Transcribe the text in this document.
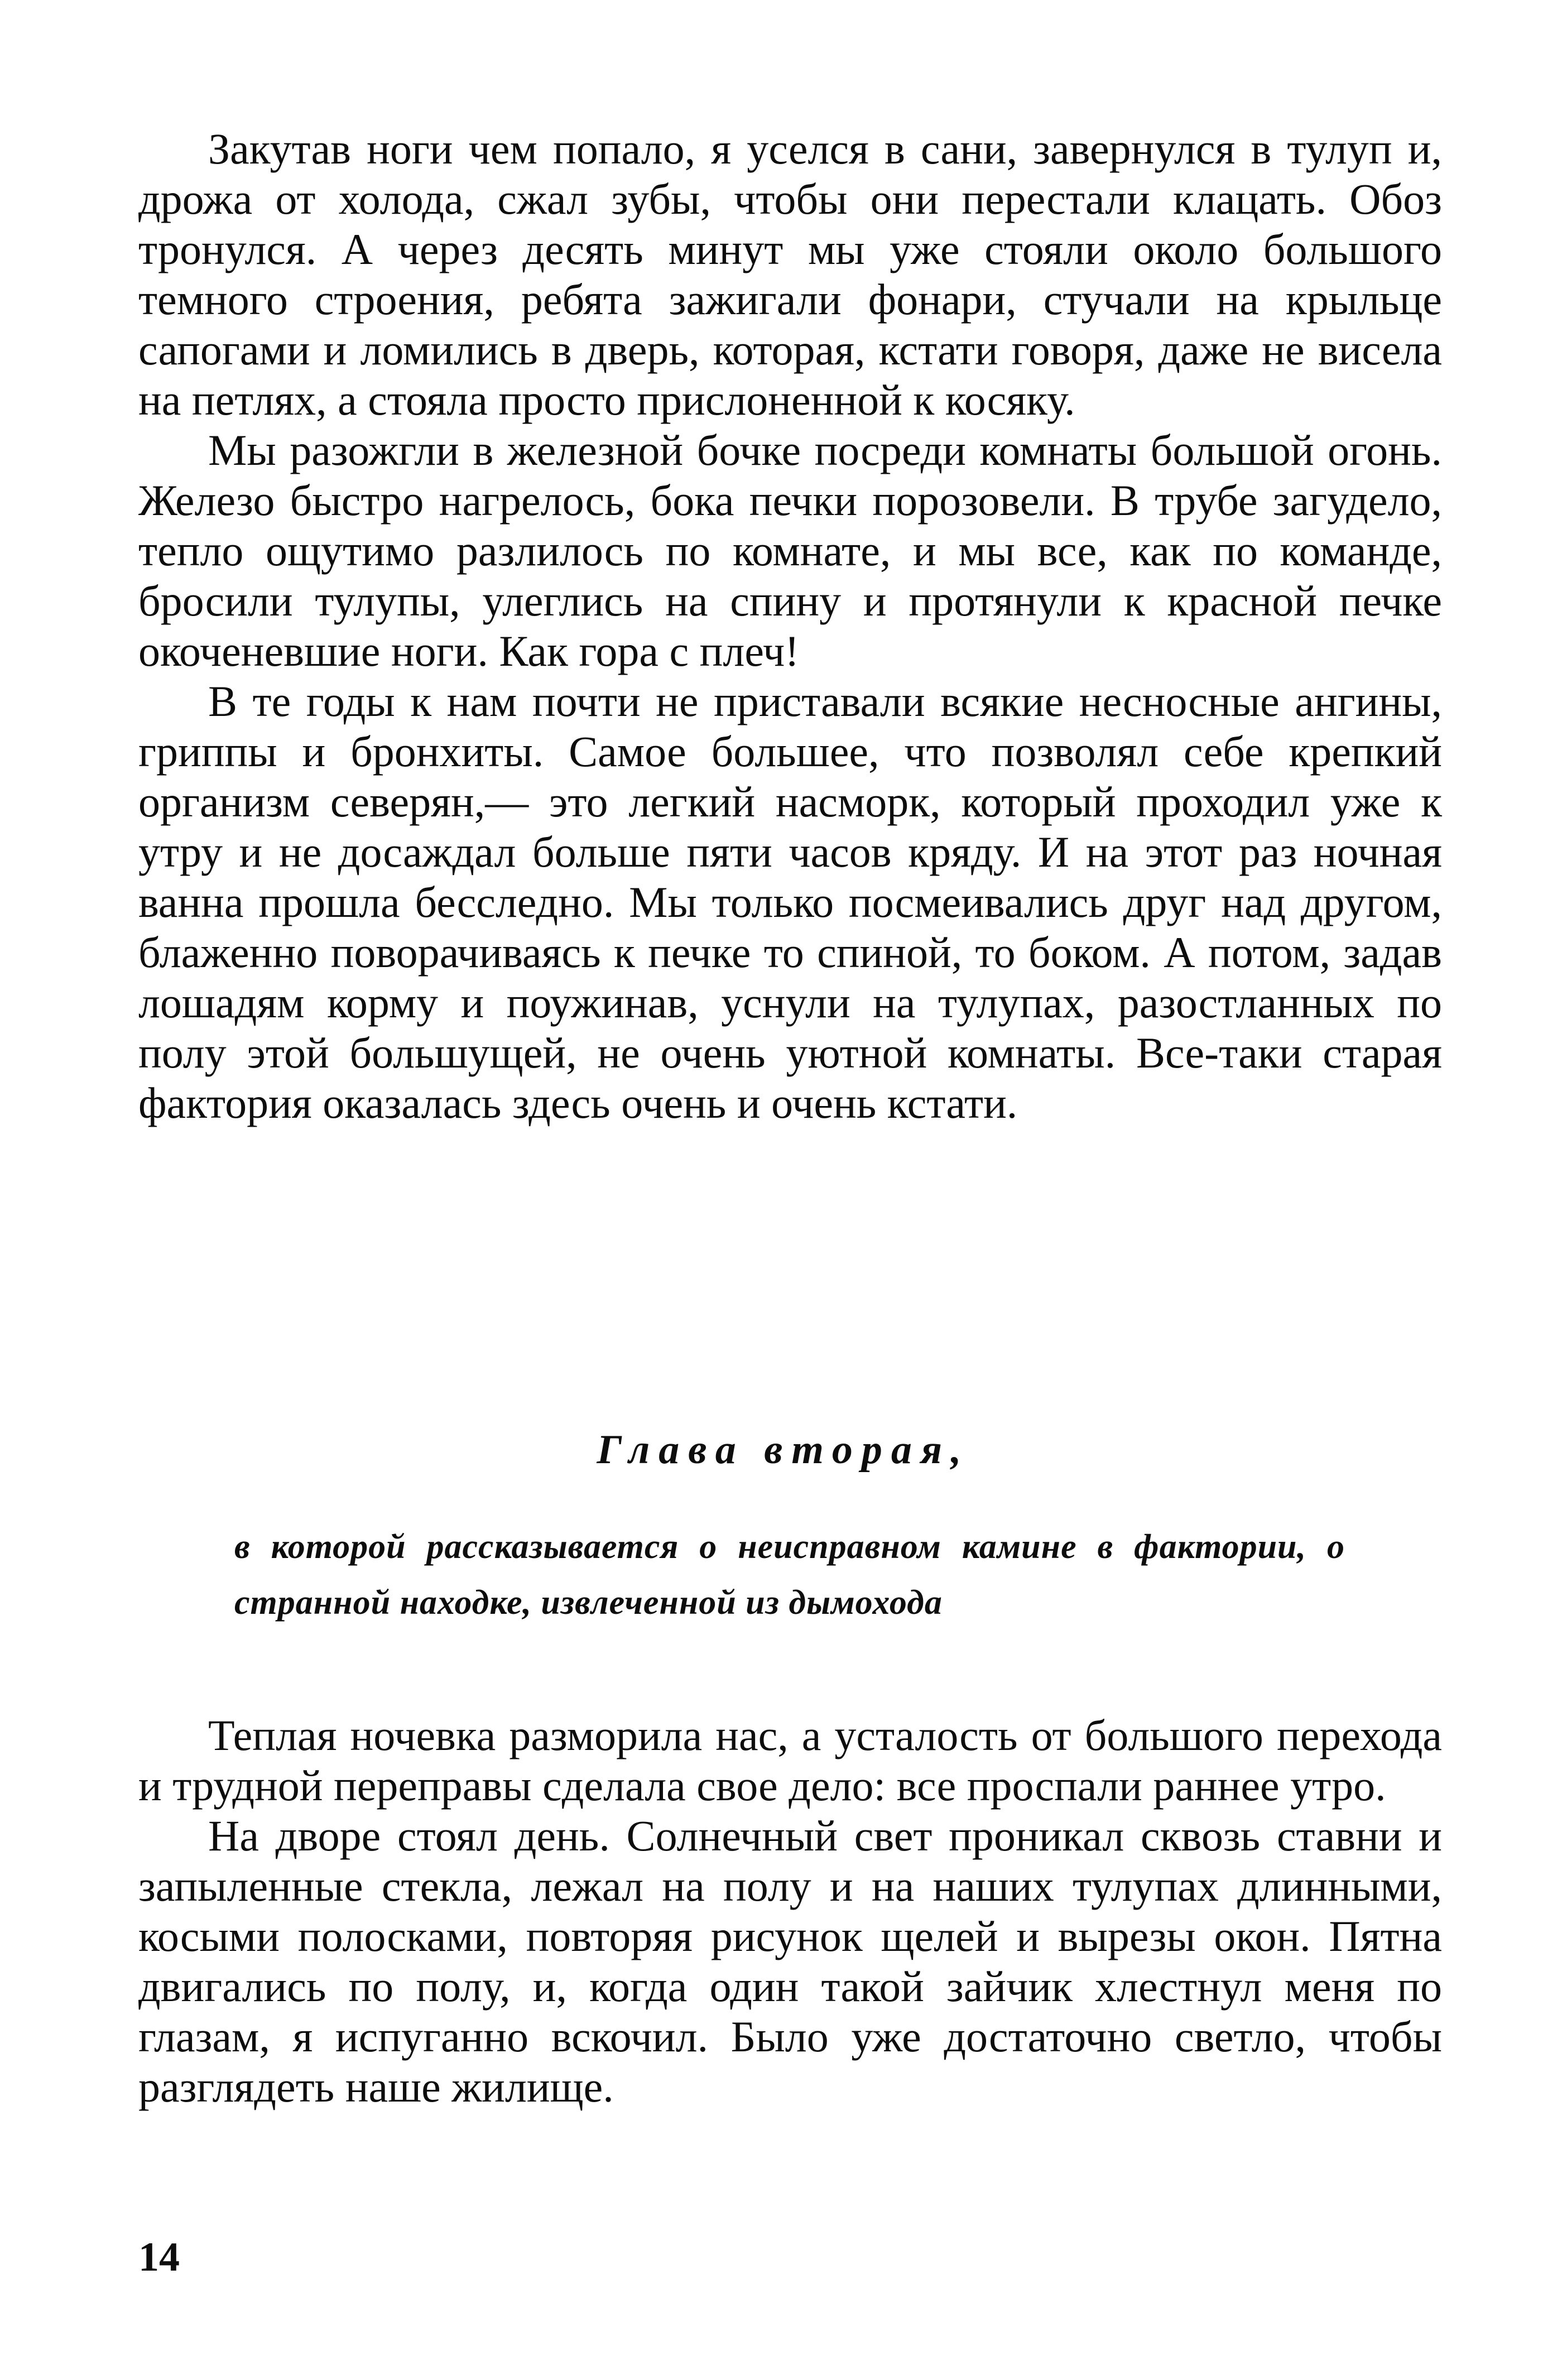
Закутав ноги чем попало, я уселся в сани, завернулся в тулуп и, дрожа от холода, сжал зубы, чтобы они перестали клацать. Обоз тронулся. А через десять минут мы уже стояли около большого темного строения, ребята зажигали фонари, стучали на крыльце сапогами и ломились в дверь, которая, кстати говоря, даже не висела на петлях, а стояла просто прислоненной к косяку.

Мы разожгли в железной бочке посреди комнаты большой огонь. Железо быстро нагрелось, бока печки порозовели. В трубе загудело, тепло ощутимо разлилось по комнате, и мы все, как по команде, бросили тулупы, улеглись на спину и протянули к красной печке окоченевшие ноги. Как гора с плеч!

В те годы к нам почти не приставали всякие несносные ангины, гриппы и бронхиты. Самое большее, что позволял себе крепкий организм северян,— это легкий насморк, который проходил уже к утру и не досаждал больше пяти часов кряду. И на этот раз ночная ванна прошла бесследно. Мы только посмеивались друг над другом, блаженно поворачиваясь к печке то спиной, то боком. А потом, задав лошадям корму и поужинав, уснули на тулупах, разостланных по полу этой большущей, не очень уютной комнаты. Все-таки старая фактория оказалась здесь очень и очень кстати.

Глава вторая,
в которой рассказывается о неисправном камине в фактории, о странной находке, извлеченной из дымохода

Теплая ночевка разморила нас, а усталость от большого перехода и трудной переправы сделала свое дело: все проспали раннее утро.

На дворе стоял день. Солнечный свет проникал сквозь ставни и запыленные стекла, лежал на полу и на наших тулупах длинными, косыми полосками, повторяя рисунок щелей и вырезы окон. Пятна двигались по полу, и, когда один такой зайчик хлестнул меня по глазам, я испуганно вскочил. Было уже достаточно светло, чтобы разглядеть наше жилище.

14
